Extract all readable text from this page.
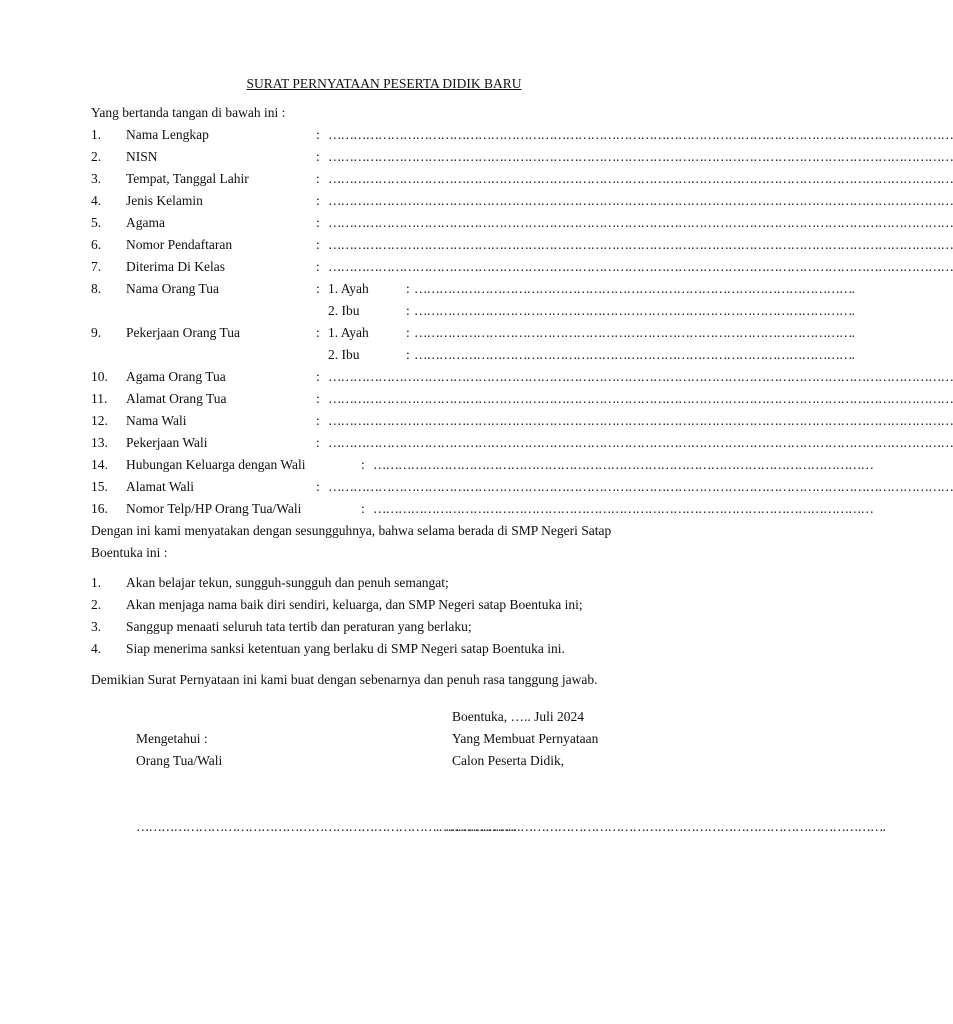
SURAT PERNYATAAN PESERTA DIDIK BARU
Yang bertanda tangan di bawah ini :
1. Nama Lengkap	: ……………………………………………………………………………………………………………………………………
2. NISN	: ……………………………………………………………………………………………………………………………………
3. Tempat, Tanggal Lahir	: ……………………………………………………………………………………………………………………………………
4. Jenis Kelamin	: ……………………………………………………………………………………………………………………………………
5. Agama	: ……………………………………………………………………………………………………………………………………
6. Nomor Pendaftaran	: ……………………………………………………………………………………………………………………………………
7. Diterima Di Kelas	: ……………………………………………………………………………………………………………………………………
8. Nama Orang Tua	: 1. Ayah	: …………………………………………………………………………………………….
2. Ibu	: …………………………………………………………………………………………….
9. Pekerjaan Orang Tua	: 1. Ayah	: …………………………………………………………………………………………….
2. Ibu	: …………………………………………………………………………………………….
10. Agama Orang Tua	: ……………………………………………………………………………………………………………………………………
11. Alamat Orang Tua	: ……………………………………………………………………………………………………………………………………
12. Nama Wali	: ……………………………………………………………………………………………………………………………………
13. Pekerjaan Wali	: ……………………………………………………………………………………………………………………………………
14. Hubungan Keluarga dengan Wali	: …………………………………………………………………………………………………………
15. Alamat Wali	: ……………………………………………………………………………………………………………………………………
16. Nomor Telp/HP Orang Tua/Wali	: …………………………………………………………………………………………………………
Dengan ini kami menyatakan dengan sesungguhnya, bahwa selama berada di SMP Negeri Satap
Boentuka ini :
1. Akan belajar tekun, sungguh-sungguh dan penuh semangat;
2. Akan menjaga nama baik diri sendiri, keluarga, dan SMP Negeri satap Boentuka ini;
3. Sanggup menaati seluruh tata tertib dan peraturan yang berlaku;
4. Siap menerima sanksi ketentuan yang berlaku di SMP Negeri satap Boentuka ini.
Demikian Surat Pernyataan ini kami buat dengan sebenarnya dan penuh rasa tanggung jawab.
Boentuka, ….. Juli 2024
Mengetahui :	Yang Membuat Pernyataan
Orang Tua/Wali	Calon Peserta Didik,
……………………………………………………………….……………….
…………………………………………………………………………………………….
